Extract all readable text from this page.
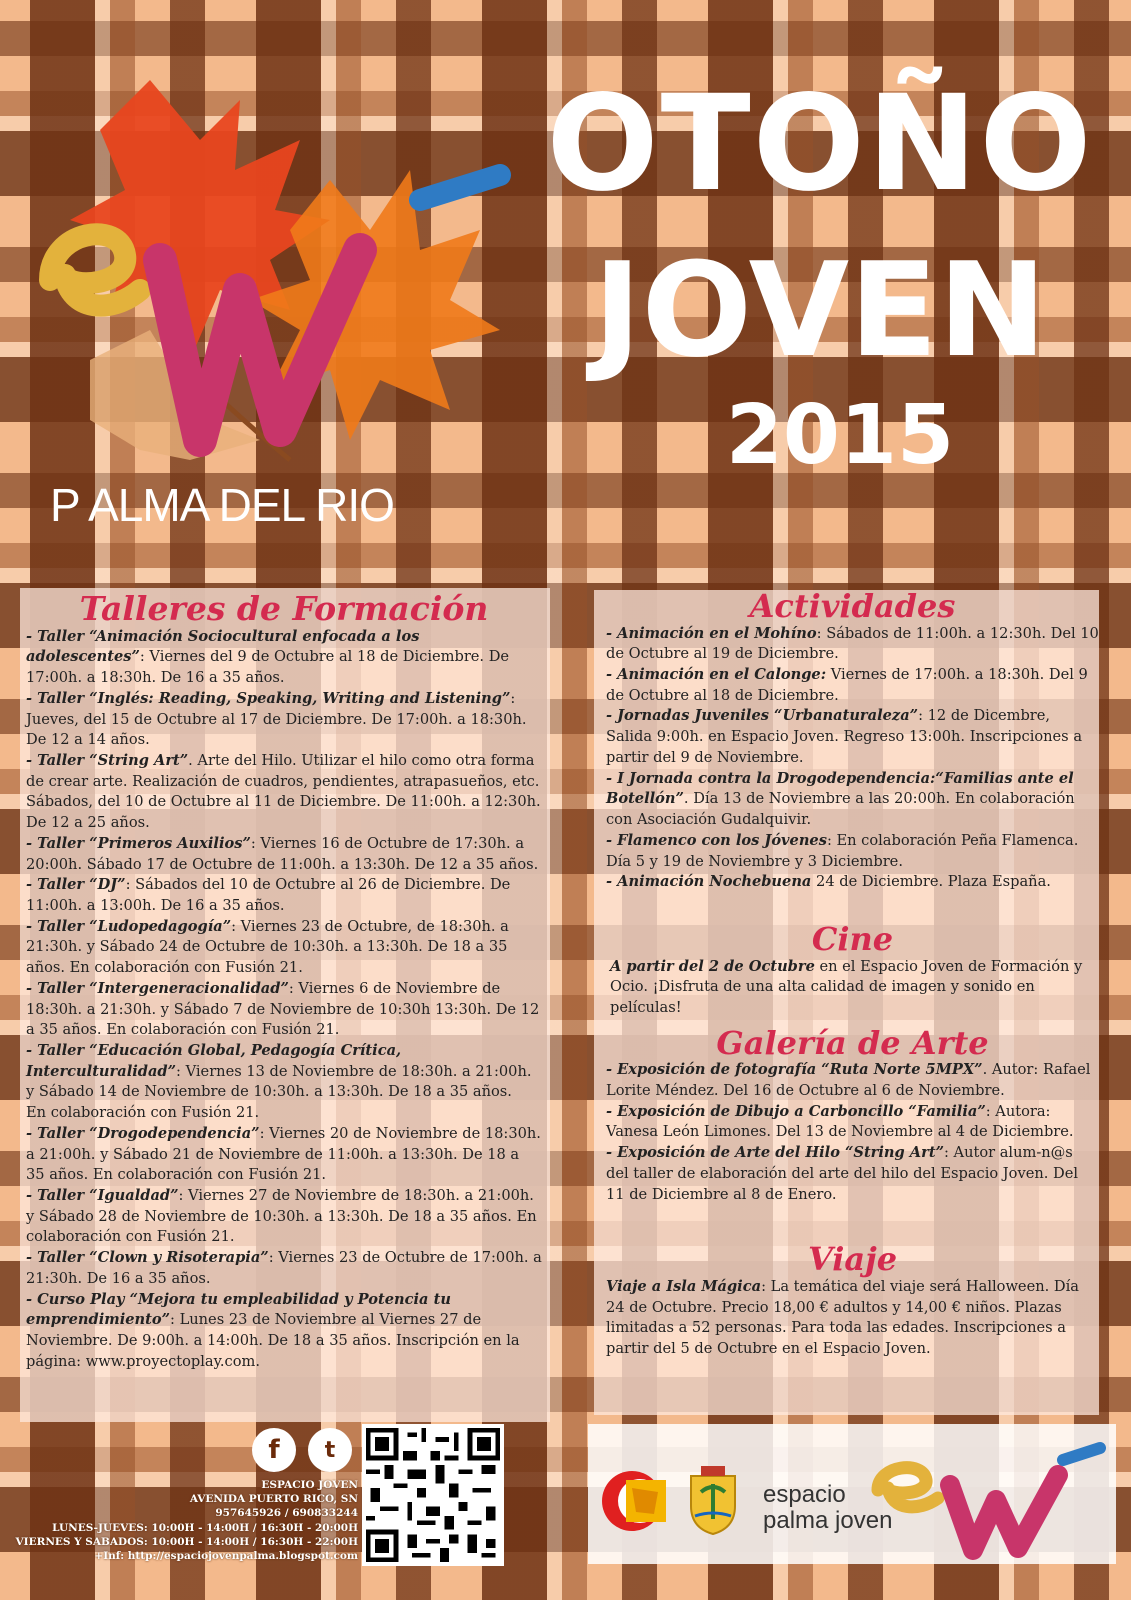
P ALMA DEL RIO
OTOÑO
JOVEN
2015
Talleres de Formación

- Taller “Animación Sociocultural enfocada a los adolescentes”: Viernes del 9 de Octubre al 18 de Diciembre. De 17:00h. a 18:30h. De 16 a 35 años.

- Taller “Inglés: Reading, Speaking, Writing and Listening”: Jueves, del 15 de Octubre al 17 de Diciembre. De 17:00h. a 18:30h. De 12 a 14 años.

- Taller “String Art”. Arte del Hilo. Utilizar el hilo como otra forma de crear arte. Realización de cuadros, pendientes, atrapasueños, etc. Sábados, del 10 de Octubre al 11 de Diciembre. De 11:00h. a 12:30h. De 12 a 25 años.

- Taller “Primeros Auxilios”: Viernes 16 de Octubre de 17:30h. a 20:00h. Sábado 17 de Octubre de 11:00h. a 13:30h. De 12 a 35 años.

- Taller “DJ”: Sábados del 10 de Octubre al 26 de Diciembre. De 11:00h. a 13:00h. De 16 a 35 años.

- Taller “Ludopedagogía”: Viernes 23 de Octubre, de 18:30h. a 21:30h. y Sábado 24 de Octubre de 10:30h. a 13:30h. De 18 a 35 años. En colaboración con Fusión 21.

- Taller “Intergeneracionalidad”: Viernes 6 de Noviembre de 18:30h. a 21:30h. y Sábado 7 de Noviembre de 10:30h 13:30h. De 12 a 35 años. En colaboración con Fusión 21.

- Taller “Educación Global, Pedagogía Crítica, Interculturalidad”: Viernes 13 de Noviembre de 18:30h. a 21:00h. y Sábado 14 de Noviembre de 10:30h. a 13:30h. De 18 a 35 años.

En colaboración con Fusión 21.

- Taller “Drogodependencia”: Viernes 20 de Noviembre de 18:30h. a 21:00h. y Sábado 21 de Noviembre de 11:00h. a 13:30h. De 18 a 35 años. En colaboración con Fusión 21.

- Taller “Igualdad”: Viernes 27 de Noviembre de 18:30h. a 21:00h. y Sábado 28 de Noviembre de 10:30h. a 13:30h. De 18 a 35 años. En colaboración con Fusión 21.

- Taller “Clown y Risoterapia”: Viernes 23 de Octubre de 17:00h. a 21:30h. De 16 a 35 años.

- Curso Play “Mejora tu empleabilidad y Potencia tu emprendimiento”: Lunes 23 de Noviembre al Viernes 27 de Noviembre. De 9:00h. a 14:00h. De 18 a 35 años. Inscripción en la página: www.proyectoplay.com.

Actividades

- Animación en el Mohíno: Sábados de 11:00h. a 12:30h. Del 10 de Octubre al 19 de Diciembre.

- Animación en el Calonge: Viernes de 17:00h. a 18:30h. Del 9 de Octubre al 18 de Diciembre.

- Jornadas Juveniles “Urbanaturaleza”: 12 de Dicembre, Salida 9:00h. en Espacio Joven. Regreso 13:00h. Inscripciones a partir del 9 de Noviembre.

- I Jornada contra la Drogodependencia:“Familias ante el Botellón”. Día 13 de Noviembre a las 20:00h. En colaboración con Asociación Gudalquivir.

- Flamenco con los Jóvenes: En colaboración Peña Flamenca. Día 5 y 19 de Noviembre y 3 Diciembre.

- Animación Nochebuena 24 de Diciembre. Plaza España.

Cine

A partir del 2 de Octubre en el Espacio Joven de Formación y Ocio. ¡Disfruta de una alta calidad de imagen y sonido en películas!

Galería de Arte

- Exposición de fotografía “Ruta Norte 5MPX”. Autor: Rafael Lorite Méndez. Del 16 de Octubre al 6 de Noviembre.

- Exposición de Dibujo a Carboncillo “Familia”: Autora: Vanesa León Limones. Del 13 de Noviembre al 4 de Diciembre.

- Exposición de Arte del Hilo “String Art”: Autor alum-n@s del taller de elaboración del arte del hilo del Espacio Joven. Del 11 de Diciembre al 8 de Enero.

Viaje

Viaje a Isla Mágica: La temática del viaje será Halloween. Día 24 de Octubre. Precio 18,00 € adultos y 14,00 € niños. Plazas limitadas a 52 personas. Para toda las edades. Inscripciones a partir del 5 de Octubre en el Espacio Joven.

f t
ESPACIO JOVEN
AVENIDA PUERTO RICO, SN
957645926 / 690833244
LUNES-JUEVES: 10:00H - 14:00H / 16:30H - 20:00H
VIERNES Y SABADOS: 10:00H - 14:00H / 16:30H - 22:00H
+Inf: http://espaciojovenpalma.blogspot.com
espacio
palma joven
